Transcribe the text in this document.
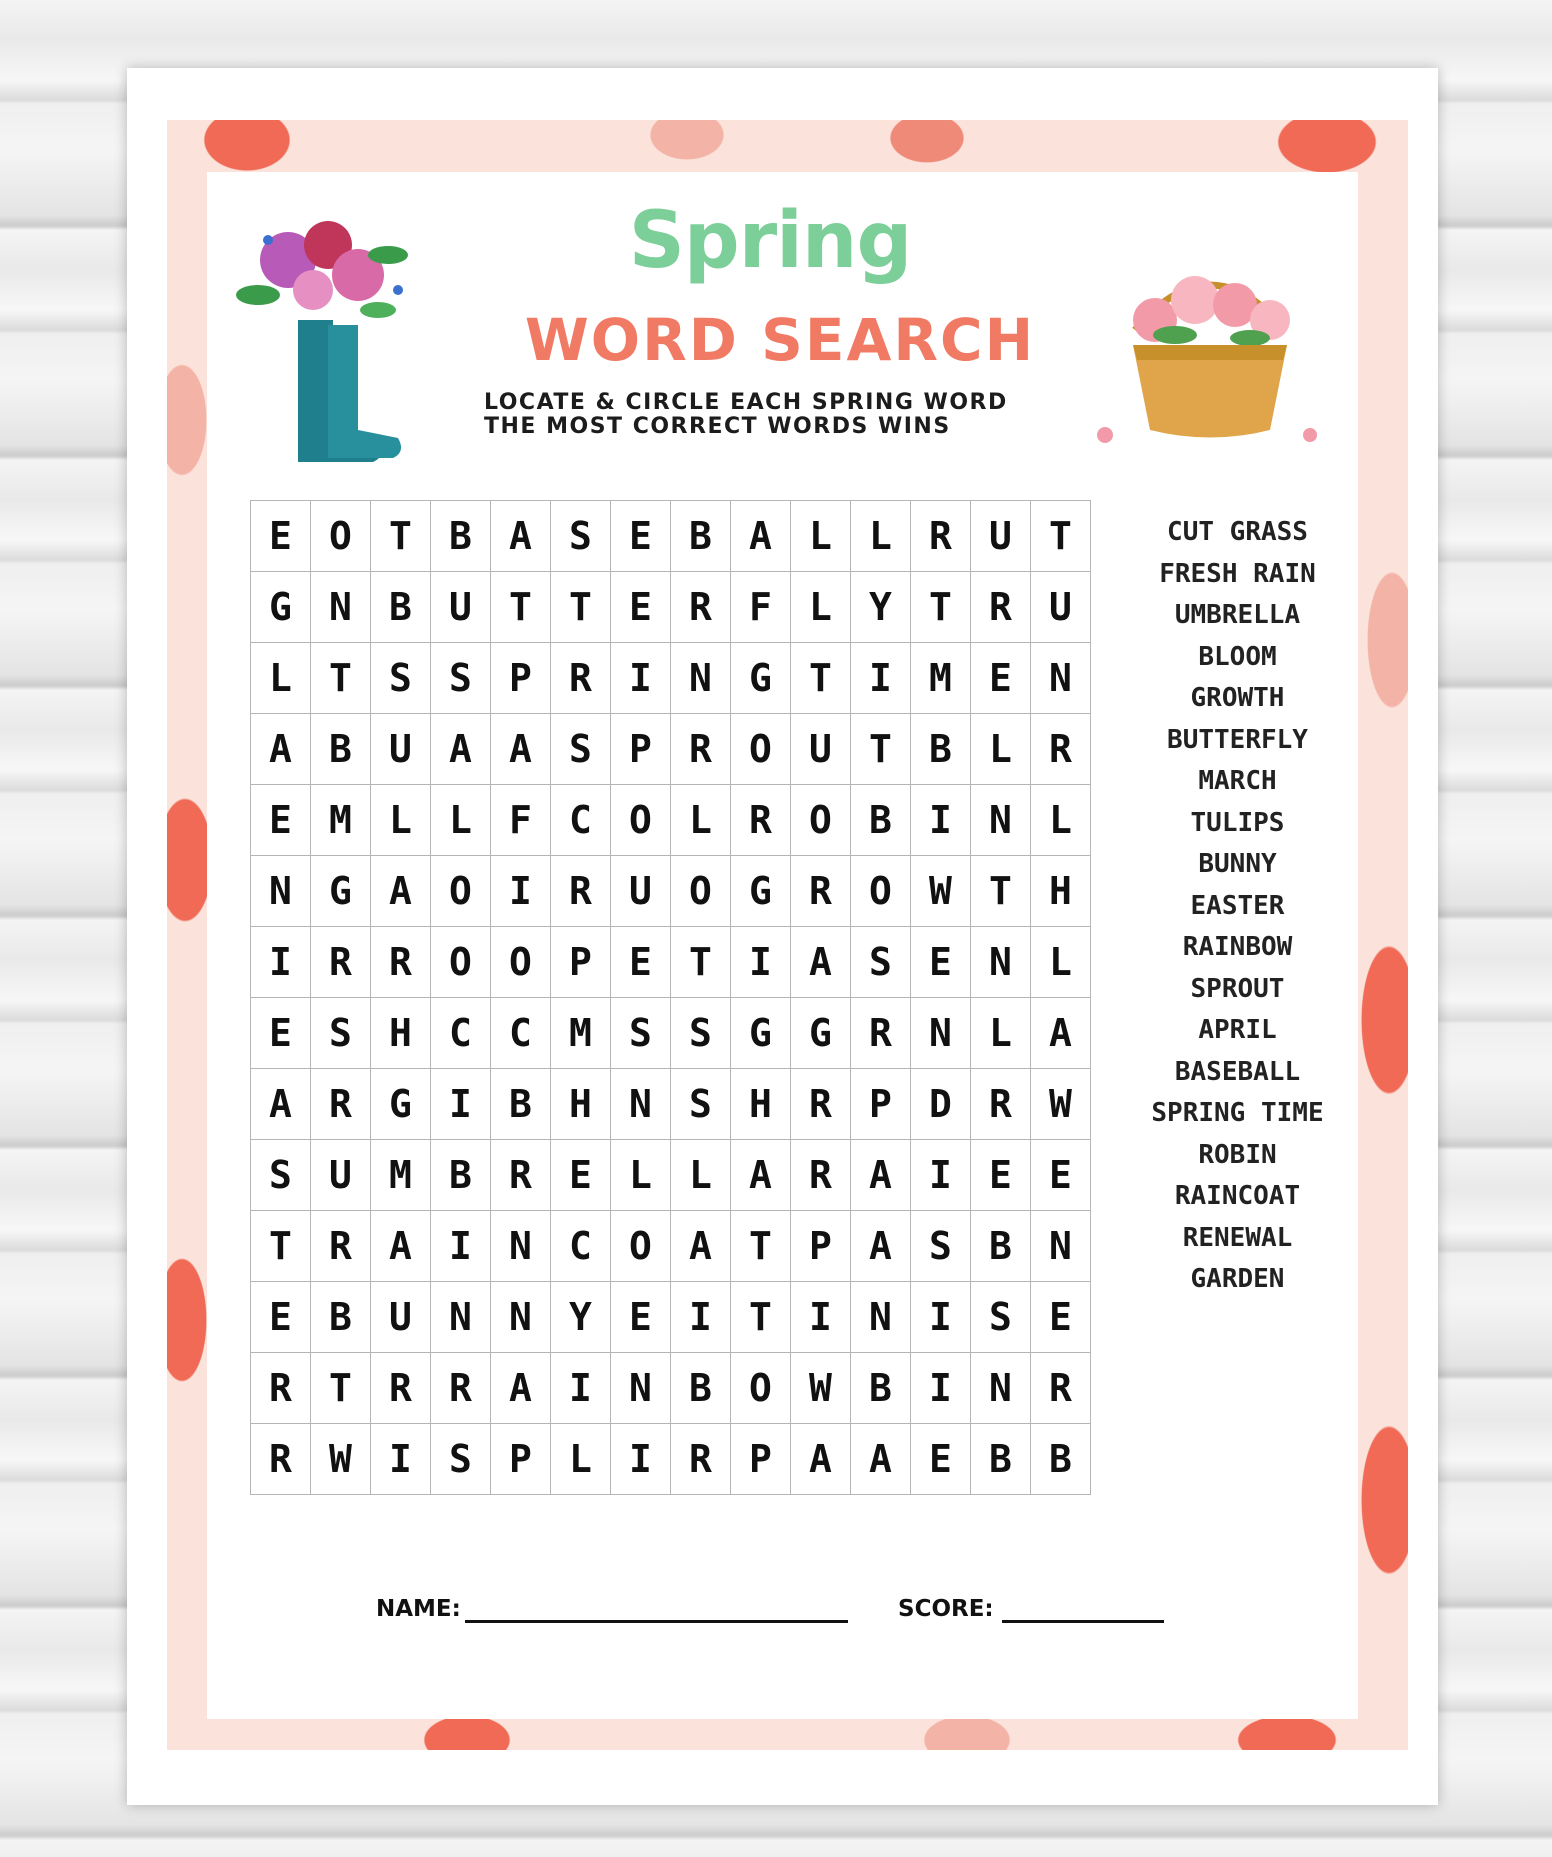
Spring
WORD SEARCH
LOCATE & CIRCLE EACH SPRING WORD
THE MOST CORRECT WORDS WINS
E	O	T	B	A	S	E	B	A	L	L	R	U	T
G	N	B	U	T	T	E	R	F	L	Y	T	R	U
L	T	S	S	P	R	I	N	G	T	I	M	E	N
A	B	U	A	A	S	P	R	O	U	T	B	L	R
E	M	L	L	F	C	O	L	R	O	B	I	N	L
N	G	A	O	I	R	U	O	G	R	O	W	T	H
I	R	R	O	O	P	E	T	I	A	S	E	N	L
E	S	H	C	C	M	S	S	G	G	R	N	L	A
A	R	G	I	B	H	N	S	H	R	P	D	R	W
S	U	M	B	R	E	L	L	A	R	A	I	E	E
T	R	A	I	N	C	O	A	T	P	A	S	B	N
E	B	U	N	N	Y	E	I	T	I	N	I	S	E
R	T	R	R	A	I	N	B	O	W	B	I	N	R
R	W	I	S	P	L	I	R	P	A	A	E	B	B
CUT GRASS
FRESH RAIN
UMBRELLA
BLOOM
GROWTH
BUTTERFLY
MARCH
TULIPS
BUNNY
EASTER
RAINBOW
SPROUT
APRIL
BASEBALL
SPRING TIME
ROBIN
RAINCOAT
RENEWAL
GARDEN
NAME:	SCORE:
